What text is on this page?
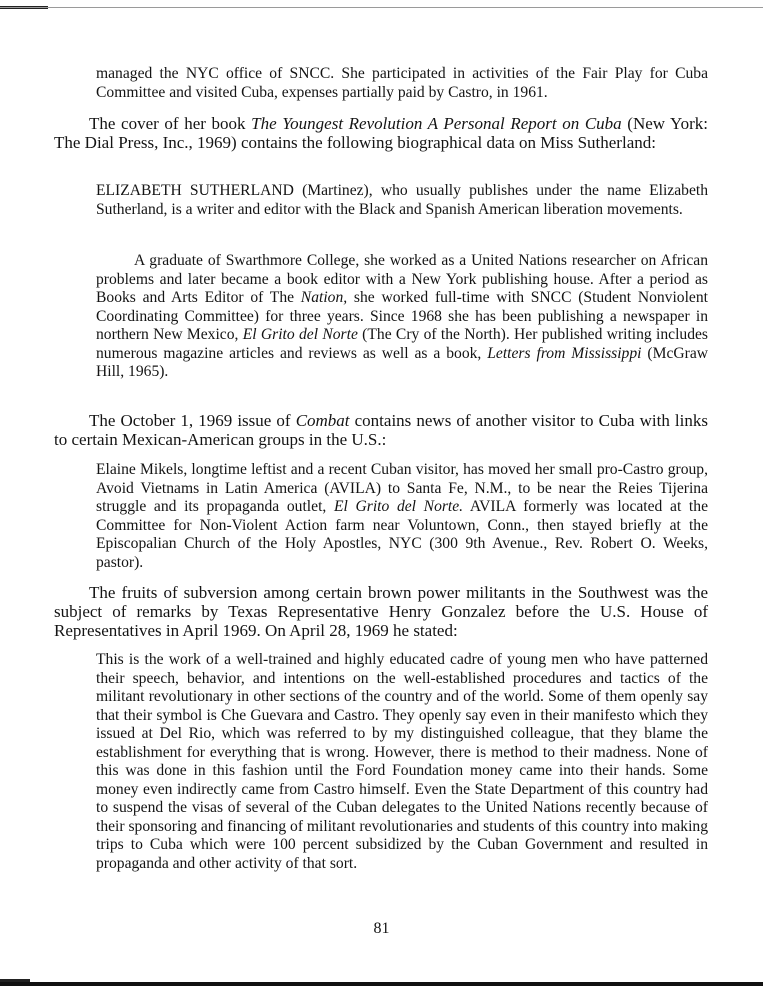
managed the NYC office of SNCC. She participated in activities of the Fair Play for Cuba Committee and visited Cuba, expenses partially paid by Castro, in 1961.

The cover of her book The Youngest Revolution A Personal Report on Cuba (New York: The Dial Press, Inc., 1969) contains the following biographical data on Miss Sutherland:

ELIZABETH SUTHERLAND (Martinez), who usually publishes under the name Elizabeth Sutherland, is a writer and editor with the Black and Spanish American liberation movements.

A graduate of Swarthmore College, she worked as a United Nations researcher on African problems and later became a book editor with a New York publishing house. After a period as Books and Arts Editor of The Nation, she worked full-time with SNCC (Student Nonviolent Coordinating Committee) for three years. Since 1968 she has been publishing a newspaper in northern New Mexico, El Grito del Norte (The Cry of the North). Her published writing includes numerous magazine articles and reviews as well as a book, Letters from Mississippi (McGraw Hill, 1965).

The October 1, 1969 issue of Combat contains news of another visitor to Cuba with links to certain Mexican-American groups in the U.S.:

Elaine Mikels, longtime leftist and a recent Cuban visitor, has moved her small pro-Castro group, Avoid Vietnams in Latin America (AVILA) to Santa Fe, N.M., to be near the Reies Tijerina struggle and its propaganda outlet, El Grito del Norte. AVILA formerly was located at the Committee for Non-Violent Action farm near Voluntown, Conn., then stayed briefly at the Episcopalian Church of the Holy Apostles, NYC (300 9th Avenue., Rev. Robert O. Weeks, pastor).

The fruits of subversion among certain brown power militants in the Southwest was the subject of remarks by Texas Representative Henry Gonzalez before the U.S. House of Representatives in April 1969. On April 28, 1969 he stated:

This is the work of a well-trained and highly educated cadre of young men who have patterned their speech, behavior, and intentions on the well-established procedures and tactics of the militant revolutionary in other sections of the country and of the world. Some of them openly say that their symbol is Che Guevara and Castro. They openly say even in their manifesto which they issued at Del Rio, which was referred to by my distinguished colleague, that they blame the establishment for everything that is wrong. However, there is method to their madness. None of this was done in this fashion until the Ford Foundation money came into their hands. Some money even indirectly came from Castro himself. Even the State Department of this country had to suspend the visas of several of the Cuban delegates to the United Nations recently because of their sponsoring and financing of militant revolutionaries and students of this country into making trips to Cuba which were 100 percent subsidized by the Cuban Government and resulted in propaganda and other activity of that sort.

81
